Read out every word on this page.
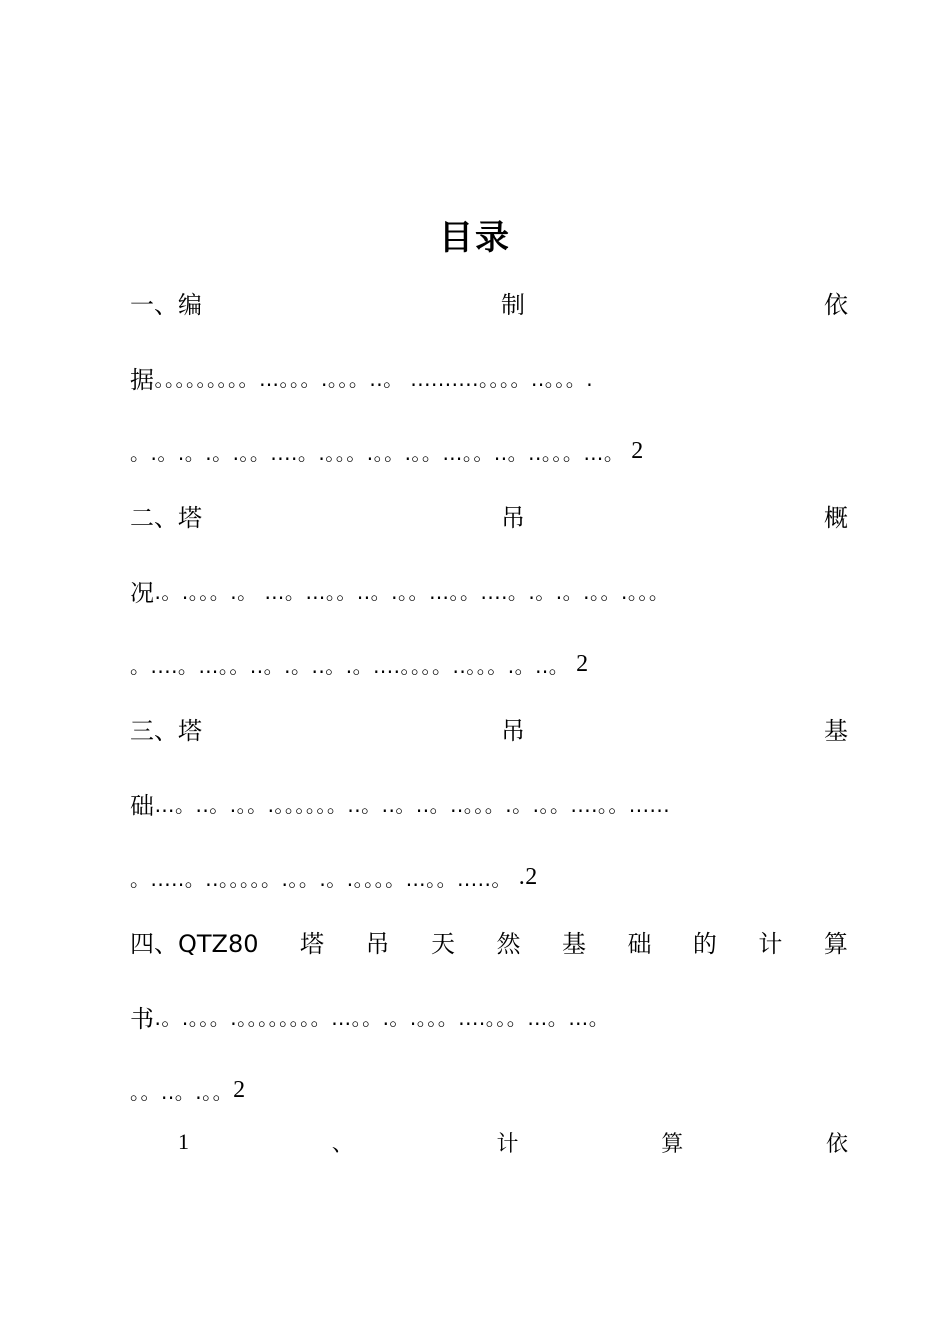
目录
一、编	制	依
据 。。。。。。。。。…。。。.。。。..。 ..........。。。。..。。。.
。.。.。.。.。。....。.。。。.。。.。。…。。..。..。。。…。
2
二、塔	吊	概
况 .。.。。。.。 …。…。。..。.。。…。。....。.。.。.。。.。。。
。....。…。。..。.。..。.。....。。。。..。。。.。..。
2
三、塔	吊	基
础 …。..。.。。.。。。。。。..。..。..。..。。。.。.。。....。。......
。.....。..。。。。。.。。.。.。。。。…。。.....。
.2
四、QTZ80 塔 吊 天 然 基 础 的 计 算
书 .。.。。。.。。。。。。。。…。。.。.。。。....。。。…。…。
。。..。.。。 2
1	、	计	算	依
